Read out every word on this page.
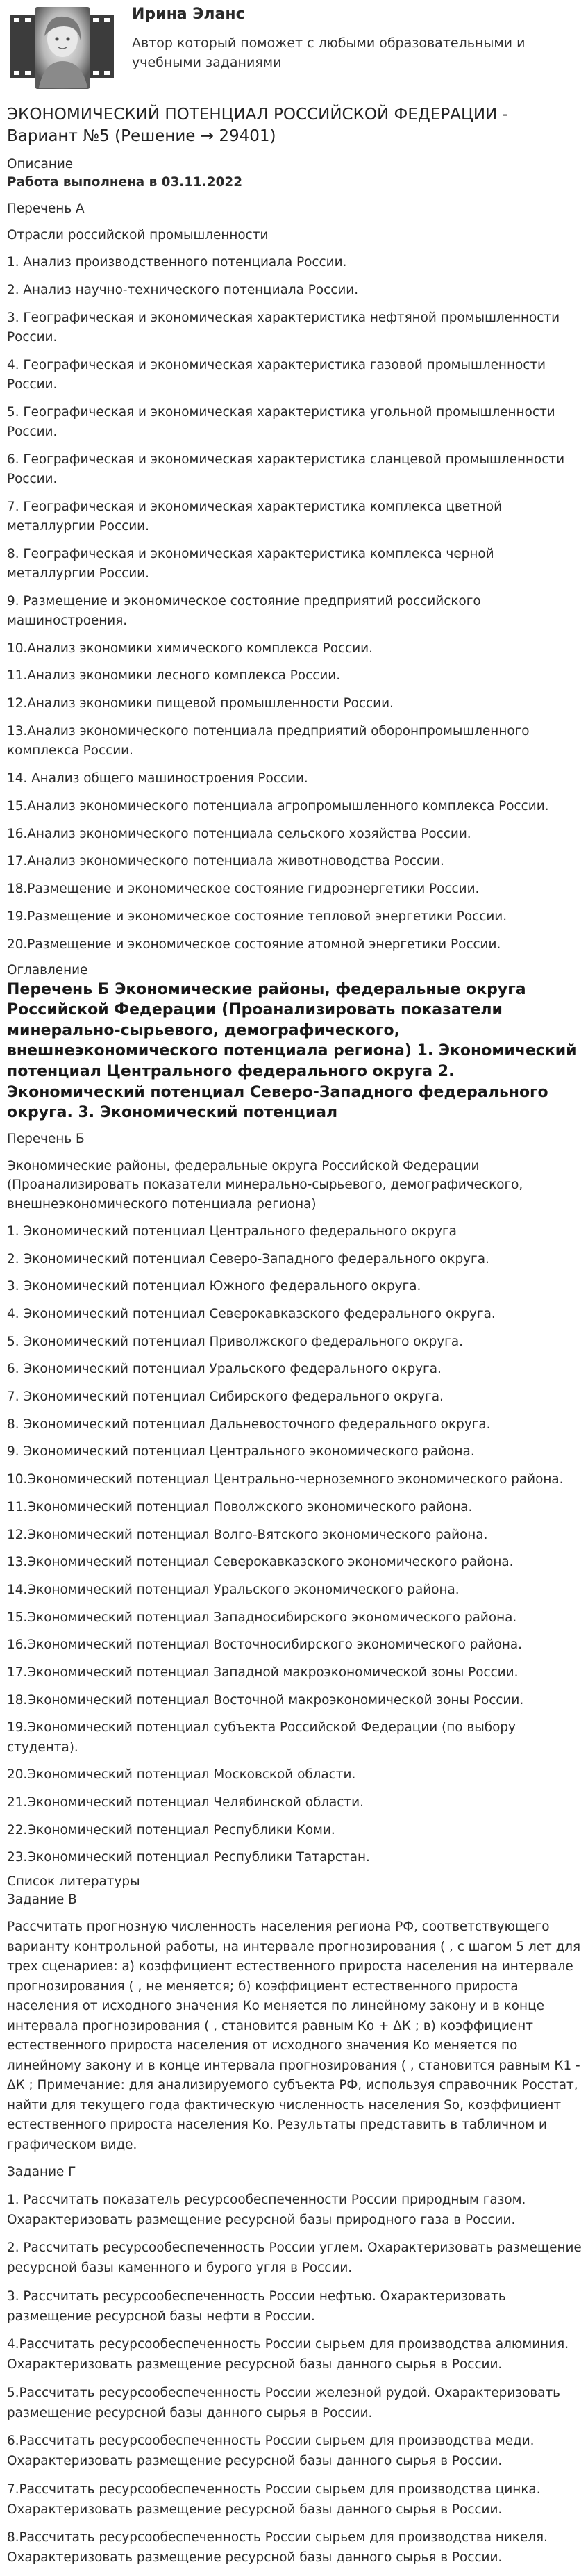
Ирина Эланс
Автор который поможет с любыми образовательными и учебными заданиями
ЭКОНОМИЧЕСКИЙ ПОТЕНЦИАЛ РОССИЙСКОЙ ФЕДЕРАЦИИ - Вариант №5 (Решение → 29401)
Описание
Работа выполнена в 03.11.2022
Перечень А
Отрасли российской промышленности
1. Анализ производственного потенциала России.
2. Анализ научно-технического потенциала России.
3. Географическая и экономическая характеристика нефтяной промышленности России.
4. Географическая и экономическая характеристика газовой промышленности России.
5. Географическая и экономическая характеристика угольной промышленности России.
6. Географическая и экономическая характеристика сланцевой промышленности России.
7. Географическая и экономическая характеристика комплекса цветной металлургии России.
8. Географическая и экономическая характеристика комплекса черной металлургии России.
9. Размещение и экономическое состояние предприятий российского машиностроения.
10.Анализ экономики химического комплекса России.
11.Анализ экономики лесного комплекса России.
12.Анализ экономики пищевой промышленности России.
13.Анализ экономического потенциала предприятий оборонпромышленного комплекса России.
14. Анализ общего машиностроения России.
15.Анализ экономического потенциала агропромышленного комплекса России.
16.Анализ экономического потенциала сельского хозяйства России.
17.Анализ экономического потенциала животноводства России.
18.Размещение и экономическое состояние гидроэнергетики России.
19.Размещение и экономическое состояние тепловой энергетики России.
20.Размещение и экономическое состояние атомной энергетики России.
Оглавление
Перечень Б Экономические районы, федеральные округа Российской Федерации (Проанализировать показатели минерально-сырьевого, демографического, внешнеэкономического потенциала региона) 1. Экономический потенциал Центрального федерального округа 2. Экономический потенциал Северо-Западного федерального округа. 3. Экономический потенциал
Перечень Б
Экономические районы, федеральные округа Российской Федерации (Проанализировать показатели минерально-сырьевого, демографического, внешнеэкономического потенциала региона)
1. Экономический потенциал Центрального федерального округа
2. Экономический потенциал Северо-Западного федерального округа.
3. Экономический потенциал Южного федерального округа.
4. Экономический потенциал Северокавказского федерального округа.
5. Экономический потенциал Приволжского федерального округа.
6. Экономический потенциал Уральского федерального округа.
7. Экономический потенциал Сибирского федерального округа.
8. Экономический потенциал Дальневосточного федерального округа.
9. Экономический потенциал Центрального экономического района.
10.Экономический потенциал Центрально-черноземного экономического района.
11.Экономический потенциал Поволжского экономического района.
12.Экономический потенциал Волго-Вятского экономического района.
13.Экономический потенциал Северокавказского экономического района.
14.Экономический потенциал Уральского экономического района.
15.Экономический потенциал Западносибирского экономического района.
16.Экономический потенциал Восточносибирского экономического района.
17.Экономический потенциал Западной макроэкономической зоны России.
18.Экономический потенциал Восточной макроэкономической зоны России.
19.Экономический потенциал субъекта Российской Федерации (по выбору студента).
20.Экономический потенциал Московской области.
21.Экономический потенциал Челябинской области.
22.Экономический потенциал Республики Коми.
23.Экономический потенциал Республики Татарстан.
Список литературы
Задание В
Рассчитать прогнозную численность населения региона РФ, соответствующего варианту контрольной работы, на интервале прогнозирования ( , с шагом 5 лет для трех сценариев: а) коэффициент естественного прироста населения на интервале прогнозирования ( , не меняется; б) коэффициент естественного прироста населения от исходного значения Ко меняется по линейному закону и в конце интервала прогнозирования ( , становится равным Ко + ΔК ; в) коэффициент естественного прироста населения от исходного значения Ко меняется по линейному закону и в конце интервала прогнозирования ( , становится равным К1 - ΔК ; Примечание: для анализируемого субъекта РФ, используя справочник Росстат, найти для текущего года фактическую численность населения So, коэффициент естественного прироста населения Ко. Результаты представить в табличном и графическом виде.
Задание Г
1. Рассчитать показатель ресурсообеспеченности России природным газом. Охарактеризовать размещение ресурсной базы природного газа в России.
2. Рассчитать ресурсообеспеченность России углем. Охарактеризовать размещение ресурсной базы каменного и бурого угля в России.
3. Рассчитать ресурсообеспеченность России нефтью. Охарактеризовать размещение ресурсной базы нефти в России.
4.Рассчитать ресурсообеспеченность России сырьем для производства алюминия. Охарактеризовать размещение ресурсной базы данного сырья в России.
5.Рассчитать ресурсообеспеченность России железной рудой. Охарактеризовать размещение ресурсной базы данного сырья в России.
6.Рассчитать ресурсообеспеченность России сырьем для производства меди. Охарактеризовать размещение ресурсной базы данного сырья в России.
7.Рассчитать ресурсообеспеченность России сырьем для производства цинка. Охарактеризовать размещение ресурсной базы данного сырья в России.
8.Рассчитать ресурсообеспеченность России сырьем для производства никеля. Охарактеризовать размещение ресурсной базы данного сырья в России.
